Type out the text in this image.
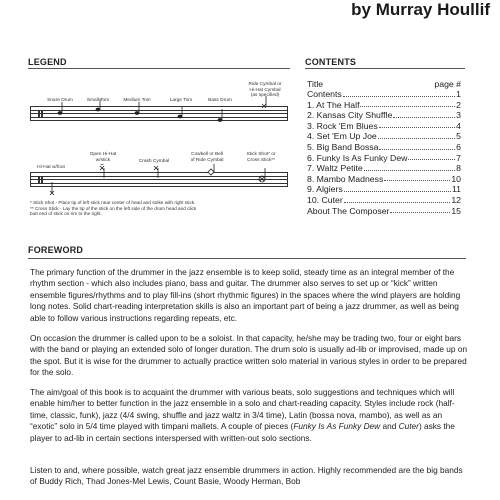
by Murray Houllif

LEGEND
Snare Drum	Small Tom	Medium Tom	Large Tom	Bass Drum
Ride Cymbal or
Hi-Hat Cymbal
(as specified)
Hi-Hat w/foot
Open Hi-Hat
w/stick	Crash Cymbal
Cowbell or Bell
of Ride Cymbal
Stick Shot* or
Cross Stick**
* Stick Shot - Place tip of left stick near center of head and strike with right stick.
** Cross Stick - Lay the tip of the stick on the left side of the drum head and click
butt end of stick on rim to the right.
CONTENTS
Title	page #
Contents	1
1. At The Half	2
2. Kansas City Shuffle	3
3. Rock 'Em Blues	4
4. Set 'Em Up Joe	5
5. Big Band Bossa	6
6. Funky Is As Funky Dew	7
7. Waltz Petite	8
8. Mambo Madness	10
9. Algiers	11
10. Cuter	12
About The Composer	15
FOREWORD

The primary function of the drummer in the jazz ensemble is to keep solid, steady time as an integral member of the rhythm section - which also includes piano, bass and guitar. The drummer also serves to set up or “kick” written ensemble figures/rhythms and to play fill-ins (short rhythmic figures) in the spaces where the wind players are holding long notes. Solid chart-reading interpretation skills is also an important part of being a jazz drummer, as well as being able to follow various instructions regarding repeats, etc.

On occasion the drummer is called upon to be a soloist. In that capacity, he/she may be trading two, four or eight bars with the band or playing an extended solo of longer duration. The drum solo is usually ad-lib or improvised, made up on the spot. But it is wise for the drummer to actually practice written solo material in various styles in order to be prepared for the solo.

The aim/goal of this book is to acquaint the drummer with various beats, solo suggestions and techniques which will enable him/her to better function in the jazz ensemble in a solo and chart-reading capacity. Styles include rock (half-time, classic, funk), jazz (4/4 swing, shuffle and jazz waltz in 3/4 time), Latin (bossa nova, mambo), as well as an “exotic” solo in 5/4 time played with timpani mallets. A couple of pieces (Funky Is As Funky Dew and Cuter) asks the player to ad-lib in certain sections interspersed with written-out solo sections.

Listen to and, where possible, watch great jazz ensemble drummers in action. Highly recommended are the big bands of Buddy Rich, Thad Jones-Mel Lewis, Count Basie, Woody Herman, Bob
